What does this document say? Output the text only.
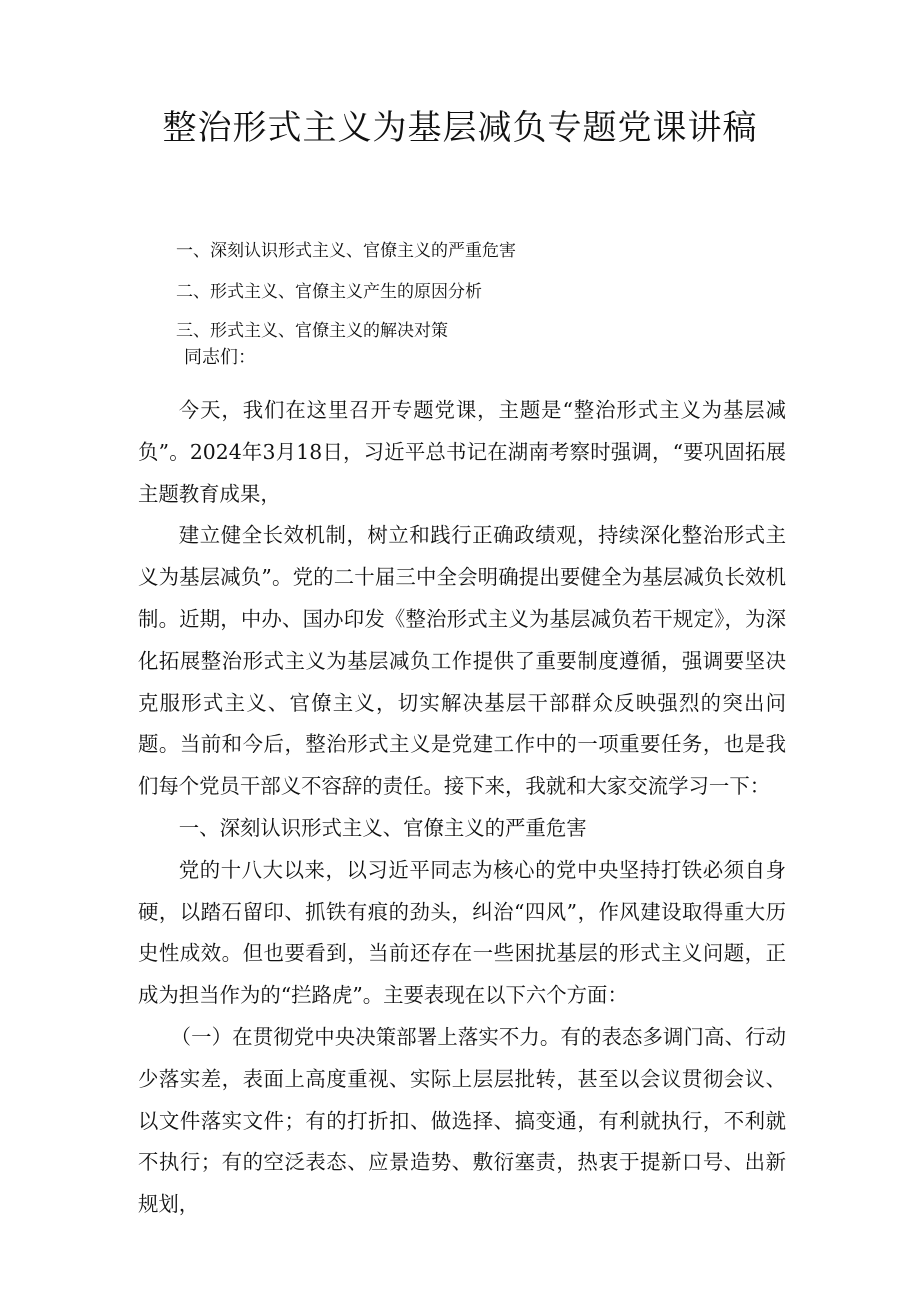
整治形式主义为基层减负专题党课讲稿

一、深刻认识形式主义、官僚主义的严重危害

二、形式主义、官僚主义产生的原因分析

三、形式主义、官僚主义的解决对策

同志们：

今天，我们在这里召开专题党课，主题是“整治形式主义为基层减负”。2024年3月18日，习近平总书记在湖南考察时强调，“要巩固拓展主题教育成果，

建立健全长效机制，树立和践行正确政绩观，持续深化整治形式主义为基层减负”。党的二十届三中全会明确提出要健全为基层减负长效机制。近期，中办、国办印发《整治形式主义为基层减负若干规定》，为深化拓展整治形式主义为基层减负工作提供了重要制度遵循，强调要坚决克服形式主义、官僚主义，切实解决基层干部群众反映强烈的突出问题。当前和今后，整治形式主义是党建工作中的一项重要任务，也是我们每个党员干部义不容辞的责任。接下来，我就和大家交流学习一下：

一、深刻认识形式主义、官僚主义的严重危害

党的十八大以来，以习近平同志为核心的党中央坚持打铁必须自身硬，以踏石留印、抓铁有痕的劲头，纠治“四风”，作风建设取得重大历史性成效。但也要看到，当前还存在一些困扰基层的形式主义问题，正成为担当作为的“拦路虎”。主要表现在以下六个方面：

（一）在贯彻党中央决策部署上落实不力。有的表态多调门高、行动少落实差，表面上高度重视、实际上层层批转，甚至以会议贯彻会议、以文件落实文件；有的打折扣、做选择、搞变通，有利就执行，不利就不执行；有的空泛表态、应景造势、敷衍塞责，热衷于提新口号、出新规划，
